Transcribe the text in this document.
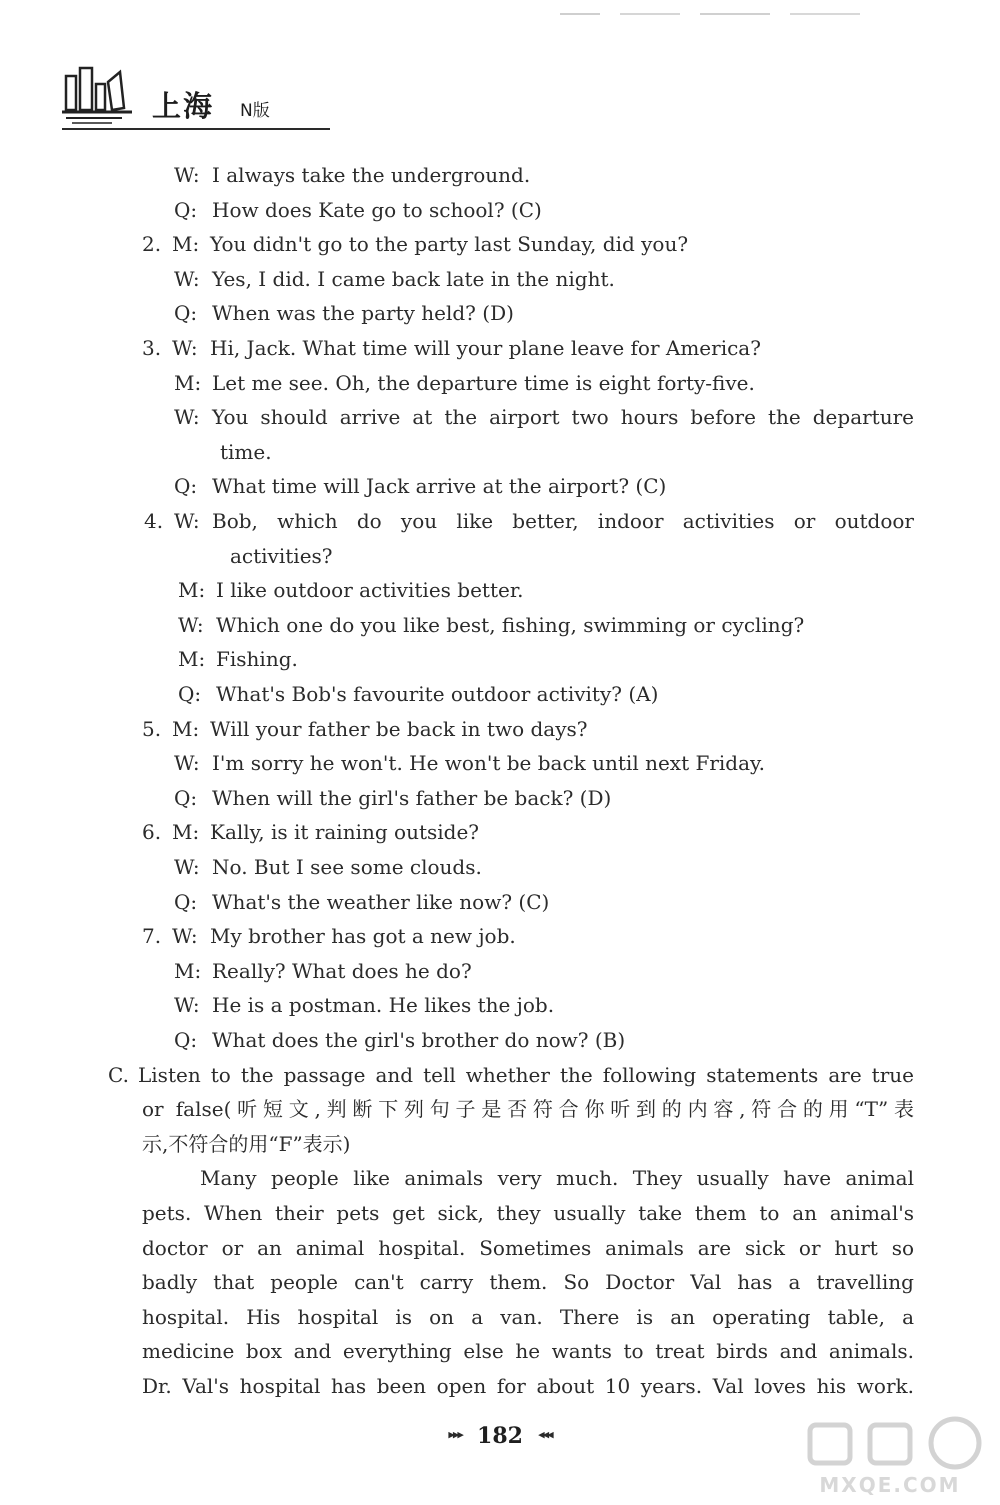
上海 N版
W: I always take the underground.
Q: How does Kate go to school? (C)
2. M: You didn't go to the party last Sunday, did you?
W: Yes, I did. I came back late in the night.
Q: When was the party held? (D)
3. W: Hi, Jack. What time will your plane leave for America?
M: Let me see. Oh, the departure time is eight forty-five.
W: You should arrive at the airport two hours before the departure
time.
Q: What time will Jack arrive at the airport? (C)
4. W: Bob, which do you like better, indoor activities or outdoor
activities?
M: I like outdoor activities better.
W: Which one do you like best, fishing, swimming or cycling?
M: Fishing.
Q: What's Bob's favourite outdoor activity? (A)
5. M: Will your father be back in two days?
W: I'm sorry he won't. He won't be back until next Friday.
Q: When will the girl's father be back? (D)
6. M: Kally, is it raining outside?
W: No. But I see some clouds.
Q: What's the weather like now? (C)
7. W: My brother has got a new job.
M: Really? What does he do?
W: He is a postman. He likes the job.
Q: What does the girl's brother do now? (B)
C. Listen to the passage and tell whether the following statements are true
or false(听短文,判断下列句子是否符合你听到的内容,符合的用“T”表
示,不符合的用“F”表示)
Many people like animals very much. They usually have animal
pets. When their pets get sick, they usually take them to an animal's
doctor or an animal hospital. Sometimes animals are sick or hurt so
badly that people can't carry them. So Doctor Val has a travelling
hospital. His hospital is on a van. There is an operating table, a
medicine box and everything else he wants to treat birds and animals.
Dr. Val's hospital has been open for about 10 years. Val loves his work.
▸▸▸ 182 ◂◂◂
MXQE.COM
